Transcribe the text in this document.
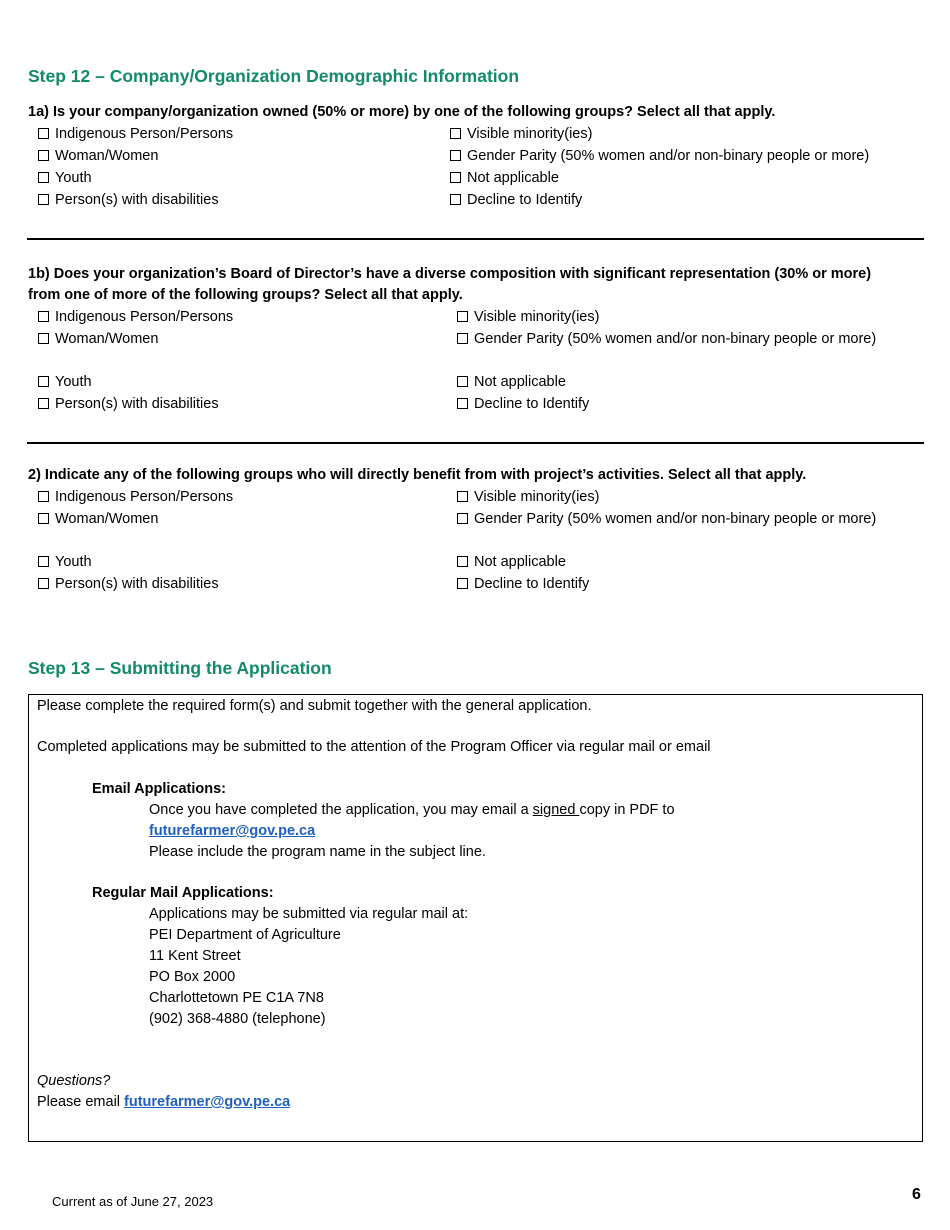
Step 12 – Company/Organization Demographic Information
1a) Is your company/organization owned (50% or more) by one of the following groups? Select all that apply.
Indigenous Person/Persons
Woman/Women
Youth
Person(s) with disabilities
Visible minority(ies)
Gender Parity (50% women and/or non-binary people or more)
Not applicable
Decline to Identify
1b) Does your organization’s Board of Director’s have a diverse composition with significant representation (30% or more)
from one of more of the following groups? Select all that apply.
Indigenous Person/Persons
Woman/Women
Youth
Person(s) with disabilities
Visible minority(ies)
Gender Parity (50% women and/or non-binary people or more)
Not applicable
Decline to Identify
2) Indicate any of the following groups who will directly benefit from with project’s activities. Select all that apply.
Indigenous Person/Persons
Woman/Women
Youth
Person(s) with disabilities
Visible minority(ies)
Gender Parity (50% women and/or non-binary people or more)
Not applicable
Decline to Identify
Step 13 – Submitting the Application
Please complete the required form(s) and submit together with the general application.
Completed applications may be submitted to the attention of the Program Officer via regular mail or email
Email Applications:
Once you have completed the application, you may email a signed copy in PDF to
futurefarmer@gov.pe.ca
Please include the program name in the subject line.
Regular Mail Applications:
Applications may be submitted via regular mail at:
PEI Department of Agriculture
11 Kent Street
PO Box 2000
Charlottetown PE C1A 7N8
(902) 368-4880 (telephone)
Questions?
Please email futurefarmer@gov.pe.ca
Current as of June 27, 2023	6
